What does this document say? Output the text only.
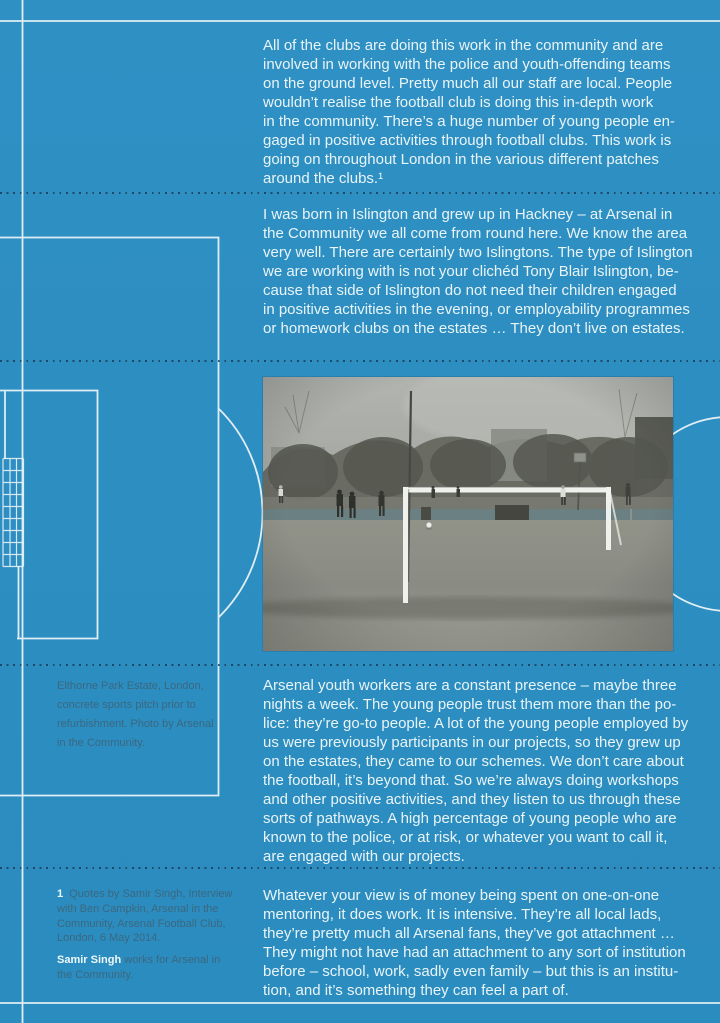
All of the clubs are doing this work in the community and are
involved in working with the police and youth-offending teams
on the ground level. Pretty much all our staff are local. People
wouldn’t realise the football club is doing this in-depth work
in the community. There’s a huge number of young people en-
gaged in positive activities through football clubs. This work is
going on throughout London in the various different patches
around the clubs.¹
I was born in Islington and grew up in Hackney – at Arsenal in
the Community we all come from round here. We know the area
very well. There are certainly two Islingtons. The type of Islington
we are working with is not your clichéd Tony Blair Islington, be-
cause that side of Islington do not need their children engaged
in positive activities in the evening, or employability programmes
or homework clubs on the estates … They don’t live on estates.
Arsenal youth workers are a constant presence – maybe three
nights a week. The young people trust them more than the po-
lice: they’re go-to people. A lot of the young people employed by
us were previously participants in our projects, so they grew up
on the estates, they came to our schemes. We don’t care about
the football, it’s beyond that. So we’re always doing workshops
and other positive activities, and they listen to us through these
sorts of pathways. A high percentage of young people who are
known to the police, or at risk, or whatever you want to call it,
are engaged with our projects.
Whatever your view is of money being spent on one-on-one
mentoring, it does work. It is intensive. They’re all local lads,
they’re pretty much all Arsenal fans, they’ve got attachment …
They might not have had an attachment to any sort of institution
before – school, work, sadly even family – but this is an institu-
tion, and it’s something they can feel a part of.
Elthorne Park Estate, London,
concrete sports pitch prior to
refurbishment. Photo by Arsenal
in the Community.
1 Quotes by Samir Singh, Interview
with Ben Campkin, Arsenal in the
Community, Arsenal Football Club,
London, 6 May 2014.
Samir Singh works for Arsenal in
the Community.
